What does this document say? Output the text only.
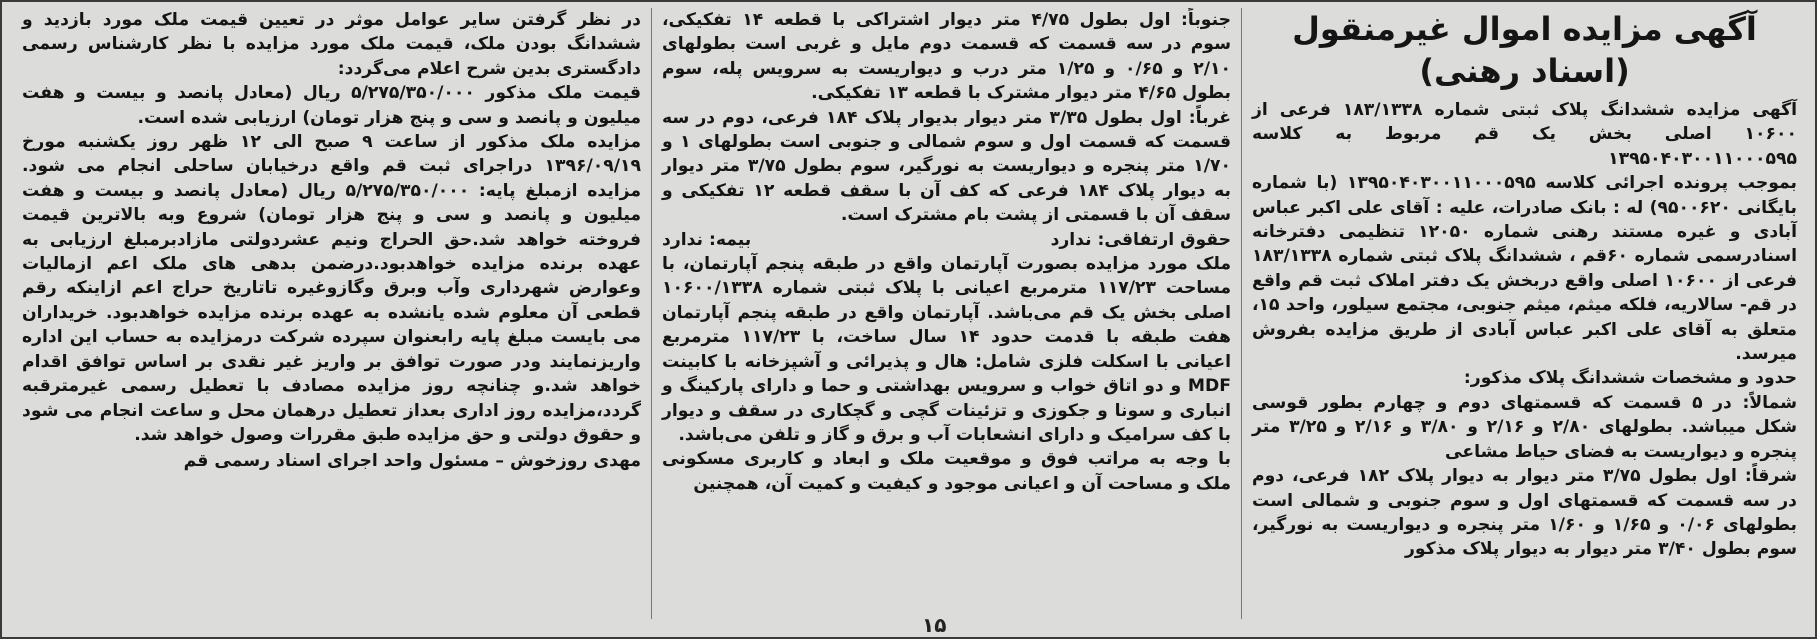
آگهی مزایده اموال غیرمنقول (اسناد رهنی)

آگهی مزایده ششدانگ پلاک ثبتی شماره ۱۸۳/۱۳۳۸ فرعی از ۱۰۶۰۰ اصلی بخش یک قم مربوط به کلاسه ۱۳۹۵۰۴۰۳۰۰۱۱۰۰۰۵۹۵

بموجب پرونده اجرائی کلاسه ۱۳۹۵۰۴۰۳۰۰۱۱۰۰۰۵۹۵ (با شماره بایگانی ۹۵۰۰۶۲۰) له : بانک صادرات، علیه : آقای علی اکبر عباس آبادی و غیره مستند رهنی شماره ۱۲۰۵۰ تنظیمی دفترخانه اسنادرسمی شماره ۶۰قم ، ششدانگ پلاک ثبتی شماره ۱۸۳/۱۳۳۸ فرعی از ۱۰۶۰۰ اصلی واقع دربخش یک دفتر املاک ثبت قم واقع در قم- سالاریه، فلکه میثم، میثم جنوبی، مجتمع سیلور، واحد ۱۵، متعلق به آقای علی اکبر عباس آبادی از طریق مزایده بفروش میرسد.

حدود و مشخصات ششدانگ پلاک مذکور:

شمالاً: در ۵ قسمت که قسمتهای دوم و چهارم بطور قوسی شکل میباشد. بطولهای ۲/۸۰ و ۲/۱۶ و ۳/۸۰ و ۲/۱۶ و ۳/۲۵ متر پنجره و دیواریست به فضای حیاط مشاعی

شرقاً: اول بطول ۳/۷۵ متر دیوار به دیوار پلاک ۱۸۲ فرعی، دوم در سه قسمت که قسمتهای اول و سوم جنوبی و شمالی است بطولهای ۰/۰۶ و ۱/۶۵ و ۱/۶۰ متر پنجره و دیواریست به نورگیر، سوم بطول ۳/۴۰ متر دیوار به دیوار پلاک مذکور

جنوباً: اول بطول ۴/۷۵ متر دیوار اشتراکی با قطعه ۱۴ تفکیکی، سوم در سه قسمت که قسمت دوم مایل و غربی است بطولهای ۲/۱۰ و ۰/۶۵ و ۱/۲۵ متر درب و دیواریست به سرویس پله، سوم بطول ۴/۶۵ متر دیوار مشترک با قطعه ۱۳ تفکیکی.

غرباً: اول بطول ۳/۳۵ متر دیوار بدیوار پلاک ۱۸۴ فرعی، دوم در سه قسمت که قسمت اول و سوم شمالی و جنوبی است بطولهای ۱ و ۱/۷۰ متر پنجره و دیواریست به نورگیر، سوم بطول ۳/۷۵ متر دیوار به دیوار پلاک ۱۸۴ فرعی که کف آن با سقف قطعه ۱۲ تفکیکی و سقف آن با قسمتی از پشت بام مشترک است.

حقوق ارتفاقی: ندارد
بیمه: ندارد

ملک مورد مزایده بصورت آپارتمان واقع در طبقه پنجم آپارتمان، با مساحت ۱۱۷/۲۳ مترمربع اعیانی با پلاک ثبتی شماره ۱۰۶۰۰/۱۳۳۸ اصلی بخش یک قم می‌باشد. آپارتمان واقع در طبقه پنجم آپارتمان هفت طبقه با قدمت حدود ۱۴ سال ساخت، با ۱۱۷/۲۳ مترمربع اعیانی با اسکلت فلزی شامل: هال و پذیرائی و آشپزخانه با کابینت MDF و دو اتاق خواب و سرویس بهداشتی و حما و دارای پارکینگ و انباری و سونا و جکوزی و تزئینات گچی و گچکاری در سقف و دیوار با کف سرامیک و دارای انشعابات آب و برق و گاز و تلفن می‌باشد.

با وجه به مراتب فوق و موقعیت ملک و ابعاد و کاربری مسکونی ملک و مساحت آن و اعیانی موجود و کیفیت و کمیت آن، همچنین

در نظر گرفتن سایر عوامل موثر در تعیین قیمت ملک مورد بازدید و ششدانگ بودن ملک، قیمت ملک مورد مزایده با نظر کارشناس رسمی دادگستری بدین شرح اعلام می‌گردد:

قیمت ملک مذکور ۵/۲۷۵/۳۵۰/۰۰۰ ریال (معادل پانصد و بیست و هفت میلیون و پانصد و سی و پنج هزار تومان) ارزیابی شده است.

مزایده ملک مذکور از ساعت ۹ صبح الی ۱۲ ظهر روز یکشنبه مورخ ۱۳۹۶/۰۹/۱۹ دراجرای ثبت قم واقع درخیابان ساحلی انجام می شود. مزایده ازمبلغ پایه: ۵/۲۷۵/۳۵۰/۰۰۰ ریال (معادل پانصد و بیست و هفت میلیون و پانصد و سی و پنج هزار تومان) شروع وبه بالاترین قیمت فروخته خواهد شد.حق الحراج ونیم عشردولتی مازادبرمبلغ ارزیابی به عهده برنده مزایده خواهدبود.درضمن بدهی های ملک اعم ازمالیات وعوارض شهرداری وآب وبرق وگازوغیره تاتاریخ حراج اعم ازاینکه رقم قطعی آن معلوم شده یانشده به عهده برنده مزایده خواهدبود. خریداران می بایست مبلغ پایه رابعنوان سپرده شرکت درمزایده به حساب این اداره واریزنمایند ودر صورت توافق بر واریز غیر نقدی بر اساس توافق اقدام خواهد شد.و چنانچه روز مزایده مصادف با تعطیل رسمی غیرمترقبه گردد،مزایده روز اداری بعداز تعطیل درهمان محل و ساعت انجام می شود و حقوق دولتی و حق مزایده طبق مقررات وصول خواهد شد.

مهدی روزخوش – مسئول واحد اجرای اسناد رسمی قم

۱۵
